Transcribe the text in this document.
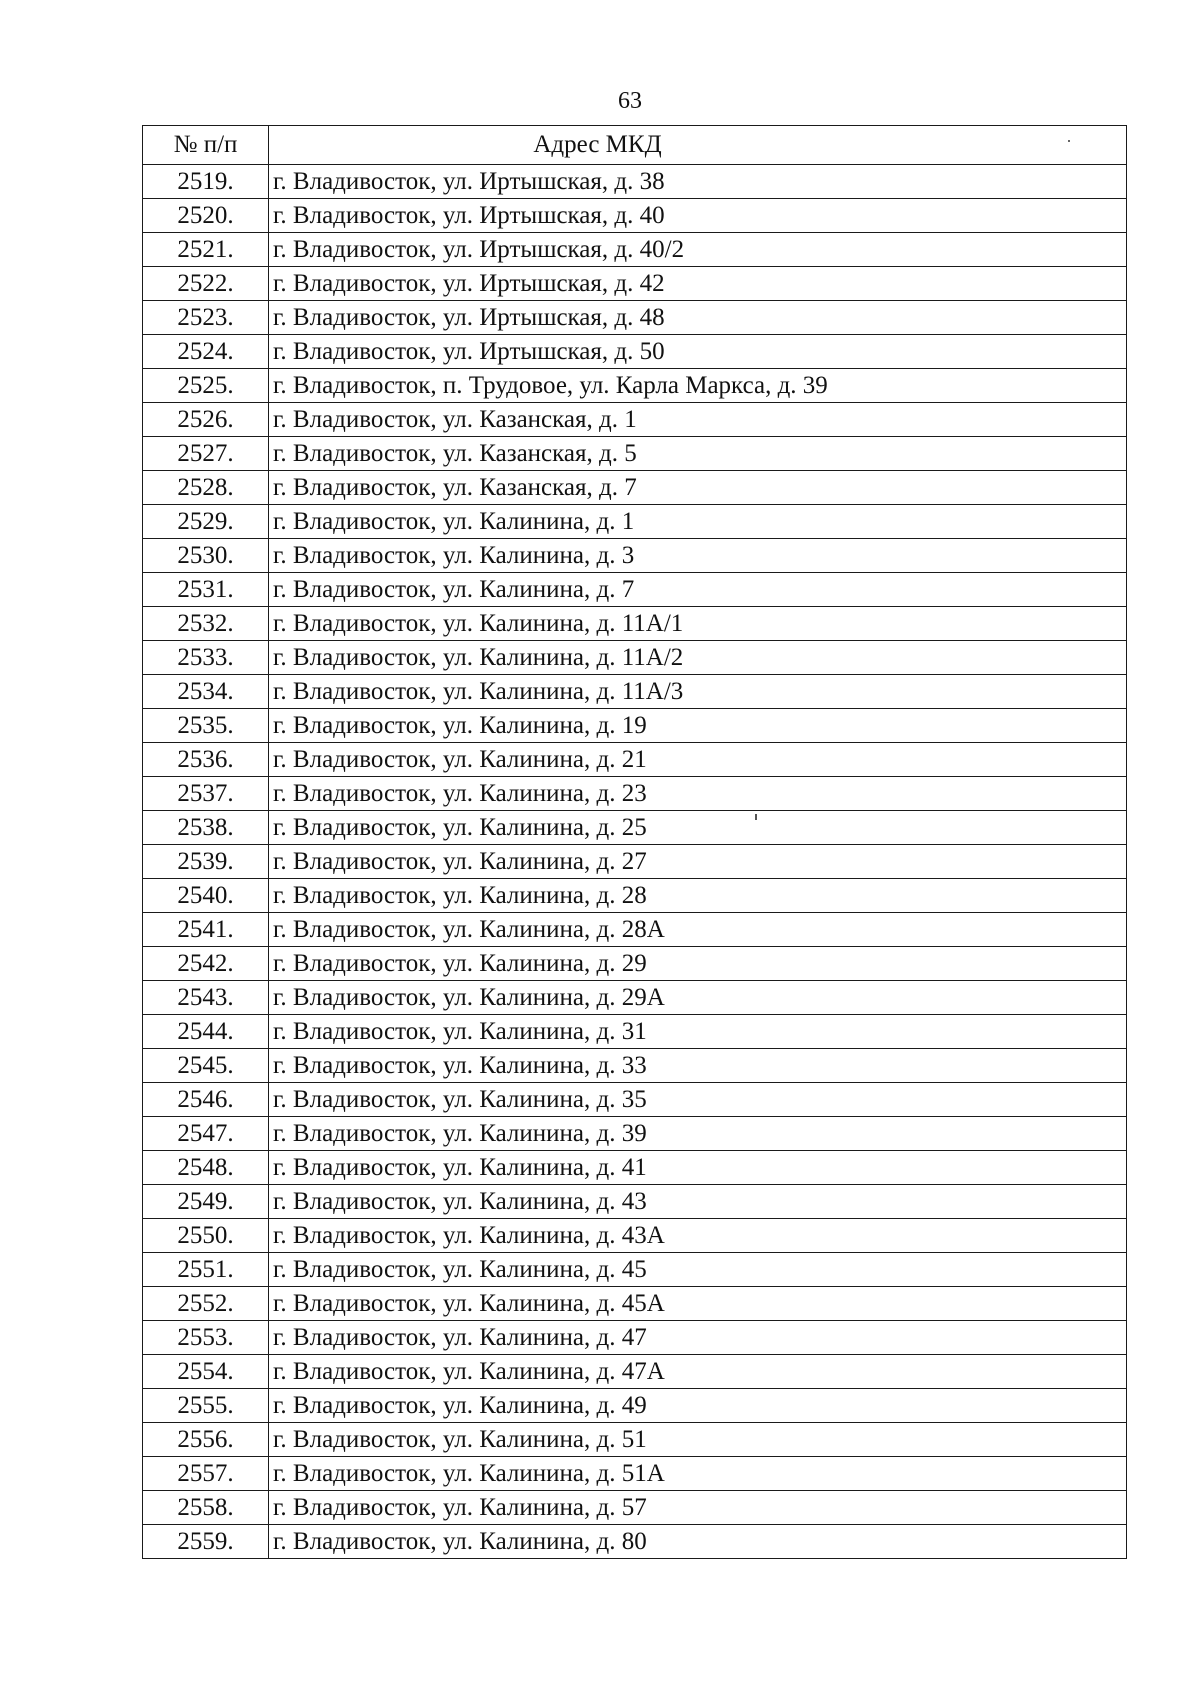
63
№ п/п	Адрес МКД
2519.	г. Владивосток, ул. Иртышская, д. 38
2520.	г. Владивосток, ул. Иртышская, д. 40
2521.	г. Владивосток, ул. Иртышская, д. 40/2
2522.	г. Владивосток, ул. Иртышская, д. 42
2523.	г. Владивосток, ул. Иртышская, д. 48
2524.	г. Владивосток, ул. Иртышская, д. 50
2525.	г. Владивосток, п. Трудовое, ул. Карла Маркса, д. 39
2526.	г. Владивосток, ул. Казанская, д. 1
2527.	г. Владивосток, ул. Казанская, д. 5
2528.	г. Владивосток, ул. Казанская, д. 7
2529.	г. Владивосток, ул. Калинина, д. 1
2530.	г. Владивосток, ул. Калинина, д. 3
2531.	г. Владивосток, ул. Калинина, д. 7
2532.	г. Владивосток, ул. Калинина, д. 11А/1
2533.	г. Владивосток, ул. Калинина, д. 11А/2
2534.	г. Владивосток, ул. Калинина, д. 11А/3
2535.	г. Владивосток, ул. Калинина, д. 19
2536.	г. Владивосток, ул. Калинина, д. 21
2537.	г. Владивосток, ул. Калинина, д. 23
2538.	г. Владивосток, ул. Калинина, д. 25
2539.	г. Владивосток, ул. Калинина, д. 27
2540.	г. Владивосток, ул. Калинина, д. 28
2541.	г. Владивосток, ул. Калинина, д. 28А
2542.	г. Владивосток, ул. Калинина, д. 29
2543.	г. Владивосток, ул. Калинина, д. 29А
2544.	г. Владивосток, ул. Калинина, д. 31
2545.	г. Владивосток, ул. Калинина, д. 33
2546.	г. Владивосток, ул. Калинина, д. 35
2547.	г. Владивосток, ул. Калинина, д. 39
2548.	г. Владивосток, ул. Калинина, д. 41
2549.	г. Владивосток, ул. Калинина, д. 43
2550.	г. Владивосток, ул. Калинина, д. 43А
2551.	г. Владивосток, ул. Калинина, д. 45
2552.	г. Владивосток, ул. Калинина, д. 45А
2553.	г. Владивосток, ул. Калинина, д. 47
2554.	г. Владивосток, ул. Калинина, д. 47А
2555.	г. Владивосток, ул. Калинина, д. 49
2556.	г. Владивосток, ул. Калинина, д. 51
2557.	г. Владивосток, ул. Калинина, д. 51А
2558.	г. Владивосток, ул. Калинина, д. 57
2559.	г. Владивосток, ул. Калинина, д. 80
